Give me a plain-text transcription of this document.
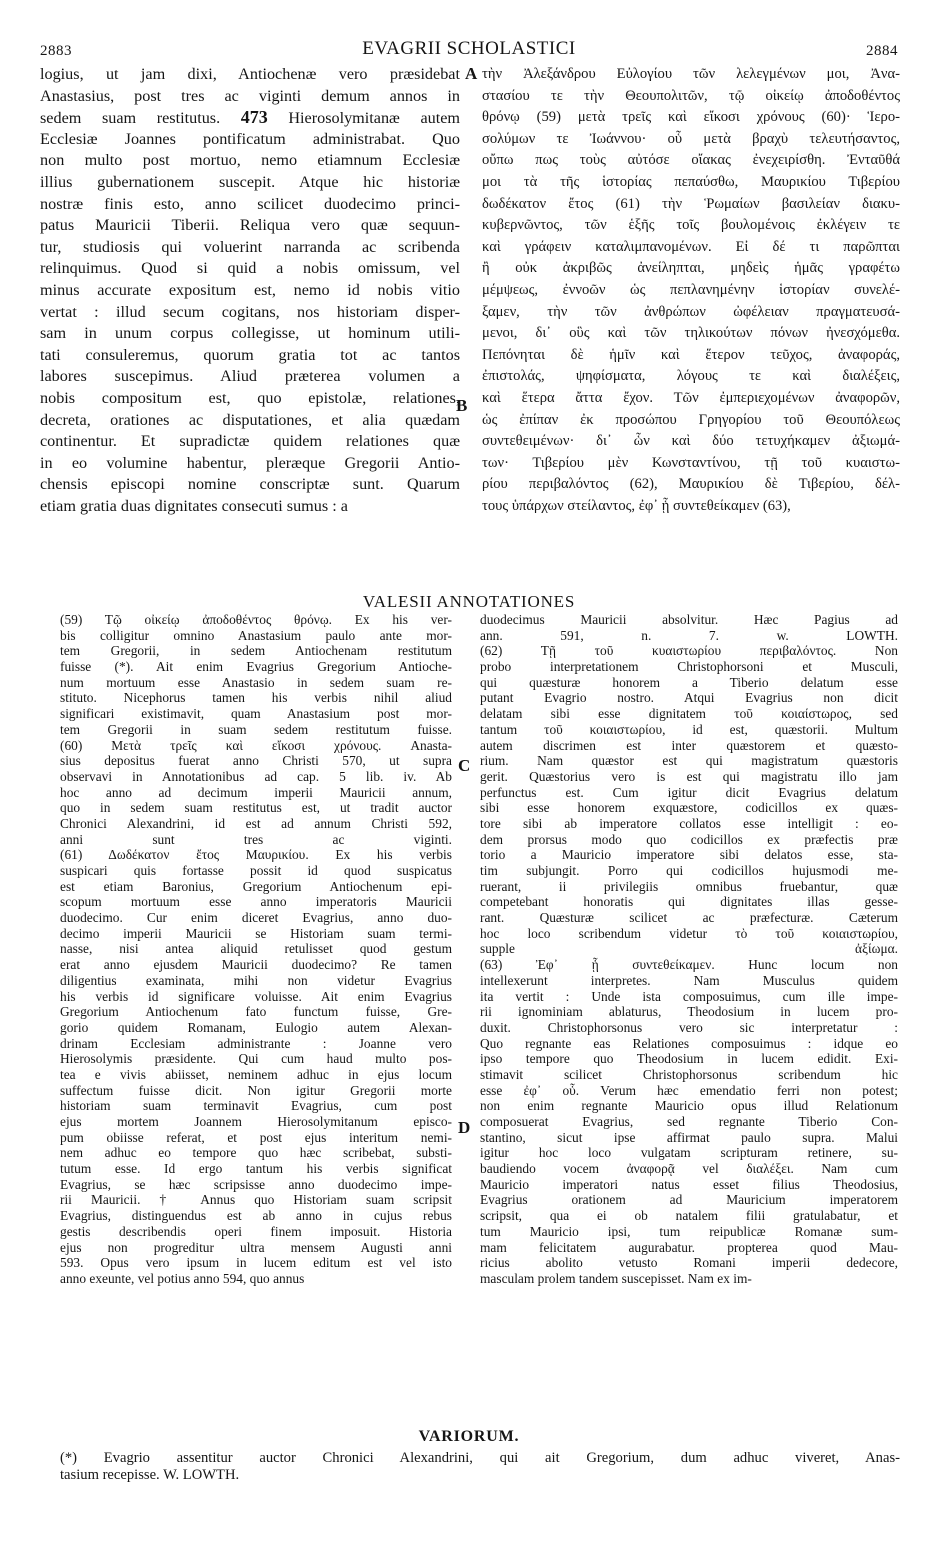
2883	EVAGRII SCHOLASTICI	2884
logius, ut jam dixi, Antiochenæ vero præsidebat
Anastasius, post tres ac viginti demum annos in
sedem suam restitutus. 473 Hierosolymitanæ autem
Ecclesiæ Joannes pontificatum administrabat. Quo
non multo post mortuo, nemo etiamnum Ecclesiæ
illius gubernationem suscepit. Atque hic historiæ
nostræ finis esto, anno scilicet duodecimo princi-
patus Mauricii Tiberii. Reliqua vero quæ sequun-
tur, studiosis qui voluerint narranda ac scribenda
relinquimus. Quod si quid a nobis omissum, vel
minus accurate expositum est, nemo id nobis vitio
vertat : illud secum cogitans, nos historiam disper-
sam in unum corpus collegisse, ut hominum utili-
tati consuleremus, quorum gratia tot ac tantos
labores suscepimus. Aliud præterea volumen a
nobis compositum est, quo epistolæ, relationes,
decreta, orationes ac disputationes, et alia quædam
continentur. Et supradictæ quidem relationes quæ
in eo volumine habentur, pleræque Gregorii Antio-
chensis episcopi nomine conscriptæ sunt. Quarum
etiam gratia duas dignitates consecuti sumus : a
A
B
τὴν Ἀλεξάνδρου Εὐλογίου τῶν λελεγμένων μοι, Ἀνα-
στασίου τε τὴν Θεουπολιτῶν, τῷ οἰκείῳ ἀποδοθέντος
θρόνῳ (59) μετὰ τρεῖς καὶ εἴκοσι χρόνους (60)· Ἱερο-
σολύμων τε Ἰωάννου· οὗ μετὰ βραχὺ τελευτήσαντος,
οὔπω πως τοὺς αὐτόσε οἴακας ἐνεχειρίσθη. Ἐνταῦθά
μοι τὰ τῆς ἱστορίας πεπαύσθω, Μαυρικίου Τιβερίου
δωδέκατον ἔτος (61) τὴν Ῥωμαίων βασιλείαν διακυ-
κυβερνῶντος, τῶν ἑξῆς τοῖς βουλομένοις ἐκλέγειν τε
καὶ γράφειν καταλιμπανομένων. Εἰ δέ τι παρῶπται
ἢ οὐκ ἀκριβῶς ἀνείληπται, μηδεὶς ἡμᾶς γραφέτω
μέμψεως, ἐννοῶν ὡς πεπλανημένην ἱστορίαν συνελέ-
ξαμεν, τὴν τῶν ἀνθρώπων ὠφέλειαν πραγματευσά-
μενοι, δι᾽ οὓς καὶ τῶν τηλικούτων πόνων ἠνεσχόμεθα.
Πεπόνηται δὲ ἡμῖν καὶ ἕτερον τεῦχος, ἀναφοράς,
ἐπιστολάς, ψηφίσματα, λόγους τε καὶ διαλέξεις,
καὶ ἕτερα ἄττα ἔχον. Τῶν ἐμπεριεχομένων ἀναφορῶν,
ὡς ἐπίπαν ἐκ προσώπου Γρηγορίου τοῦ Θεουπόλεως
συντεθειμένων· δι᾽ ὧν καὶ δύο τετυχήκαμεν ἀξιωμά-
των· Τιβερίου μὲν Κωνσταντίνου, τῇ τοῦ κυαιστω-
ρίου περιβαλόντος (62), Μαυρικίου δὲ Τιβερίου, δέλ-
τους ὑπάρχων στείλαντος, ἐφ᾽ ᾗ συντεθείκαμεν (63),
VALESII ANNOTATIONES
(59) Τῷ οἰκείῳ ἀποδοθέντος θρόνῳ. Ex his ver-
bis colligitur omnino Anastasium paulo ante mor-
tem Gregorii, in sedem Antiochenam restitutum
fuisse (*). Ait enim Evagrius Gregorium Antioche-
num mortuum esse Anastasio in sedem suam re-
stituto. Nicephorus tamen his verbis nihil aliud
significari existimavit, quam Anastasium post mor-
tem Gregorii in suam sedem restitutum fuisse.
(60) Μετὰ τρεῖς καὶ εἴκοσι χρόνους. Anasta-
sius depositus fuerat anno Christi 570, ut supra
observavi in Annotationibus ad cap. 5 lib. iv. Ab
hoc anno ad decimum imperii Mauricii annum,
quo in sedem suam restitutus est, ut tradit auctor
Chronici Alexandrini, id est ad annum Christi 592,
anni sunt tres ac viginti.
(61) Δωδέκατον ἔτος Μαυρικίου. Ex his verbis
suspicari quis fortasse possit id quod suspicatus
est etiam Baronius, Gregorium Antiochenum epi-
scopum mortuum esse anno imperatoris Mauricii
duodecimo. Cur enim diceret Evagrius, anno duo-
decimo imperii Mauricii se Historiam suam termi-
nasse, nisi antea aliquid retulisset quod gestum
erat anno ejusdem Mauricii duodecimo? Re tamen
diligentius examinata, mihi non videtur Evagrius
his verbis id significare voluisse. Ait enim Evagrius
Gregorium Antiochenum fato functum fuisse, Gre-
gorio quidem Romanam, Eulogio autem Alexan-
drinam Ecclesiam administrante : Joanne vero
Hierosolymis præsidente. Qui cum haud multo pos-
tea e vivis abiisset, neminem adhuc in ejus locum
suffectum fuisse dicit. Non igitur Gregorii morte
historiam suam terminavit Evagrius, cum post
ejus mortem Joannem Hierosolymitanum episco-
pum obiisse referat, et post ejus interitum nemi-
nem adhuc eo tempore quo hæc scribebat, substi-
tutum esse. Id ergo tantum his verbis significat
Evagrius, se hæc scripsisse anno duodecimo impe-
rii Mauricii. † Annus quo Historiam suam scripsit
Evagrius, distinguendus est ab anno in cujus rebus
gestis describendis operi finem imposuit. Historia
ejus non progreditur ultra mensem Augusti anni
593. Opus vero ipsum in lucem editum est vel isto
anno exeunte, vel potius anno 594, quo annus
C
D
duodecimus Mauricii absolvitur. Hæc Pagius ad
ann. 591, n. 7. w. LOWTH.
(62) Τῇ τοῦ κυαιστωρίου περιβαλόντος. Non
probo interpretationem Christophorsoni et Musculi,
qui quæsturæ honorem a Tiberio delatum esse
putant Evagrio nostro. Atqui Evagrius non dicit
delatam sibi esse dignitatem τοῦ κοιαίστωρος, sed
tantum τοῦ κοιαιστωρίου, id est, quæstorii. Multum
autem discrimen est inter quæstorem et quæsto-
rium. Nam quæstor est qui magistratum quæstoris
gerit. Quæstorius vero is est qui magistratu illo jam
perfunctus est. Cum igitur dicit Evagrius delatum
sibi esse honorem exquæstore, codicillos ex quæs-
tore sibi ab imperatore collatos esse intelligit : eo-
dem prorsus modo quo codicillos ex præfectis præ
torio a Mauricio imperatore sibi delatos esse, sta-
tim subjungit. Porro qui codicillos hujusmodi me-
ruerant, ii privilegiis omnibus fruebantur, quæ
competebant honoratis qui dignitates illas gesse-
rant. Quæsturæ scilicet ac præfecturæ. Cæterum
hoc loco scribendum videtur τὸ τοῦ κοιαιστωρίου,
supple ἀξίωμα.
(63) Ἐφ᾽ ᾗ συντεθείκαμεν. Hunc locum non
intellexerunt interpretes. Nam Musculus quidem
ita vertit : Unde ista composuimus, cum ille impe-
rii ignominiam ablaturus, Theodosium in lucem pro-
duxit. Christophorsonus vero sic interpretatur :
Quo regnante eas Relationes composuimus : idque eo
ipso tempore quo Theodosium in lucem edidit. Exi-
stimavit scilicet Christophorsonus scribendum hic
esse ἐφ᾽ οὗ. Verum hæc emendatio ferri non potest;
non enim regnante Mauricio opus illud Relationum
composuerat Evagrius, sed regnante Tiberio Con-
stantino, sicut ipse affirmat paulo supra. Malui
igitur hoc loco vulgatam scripturam retinere, su-
baudiendo vocem ἀναφορᾷ vel διαλέξει. Nam cum
Mauricio imperatori natus esset filius Theodosius,
Evagrius orationem ad Mauricium imperatorem
scripsit, qua ei ob natalem filii gratulabatur, et
tum Mauricio ipsi, tum reipublicæ Romanæ sum-
mam felicitatem augurabatur. propterea quod Mau-
ricius abolito vetusto Romani imperii dedecore,
masculam prolem tandem suscepisset. Nam ex im-
VARIORUM.
(*) Evagrio assentitur auctor Chronici Alexandrini, qui ait Gregorium, dum adhuc viveret, Anas-
tasium recepisse. W. LOWTH.
